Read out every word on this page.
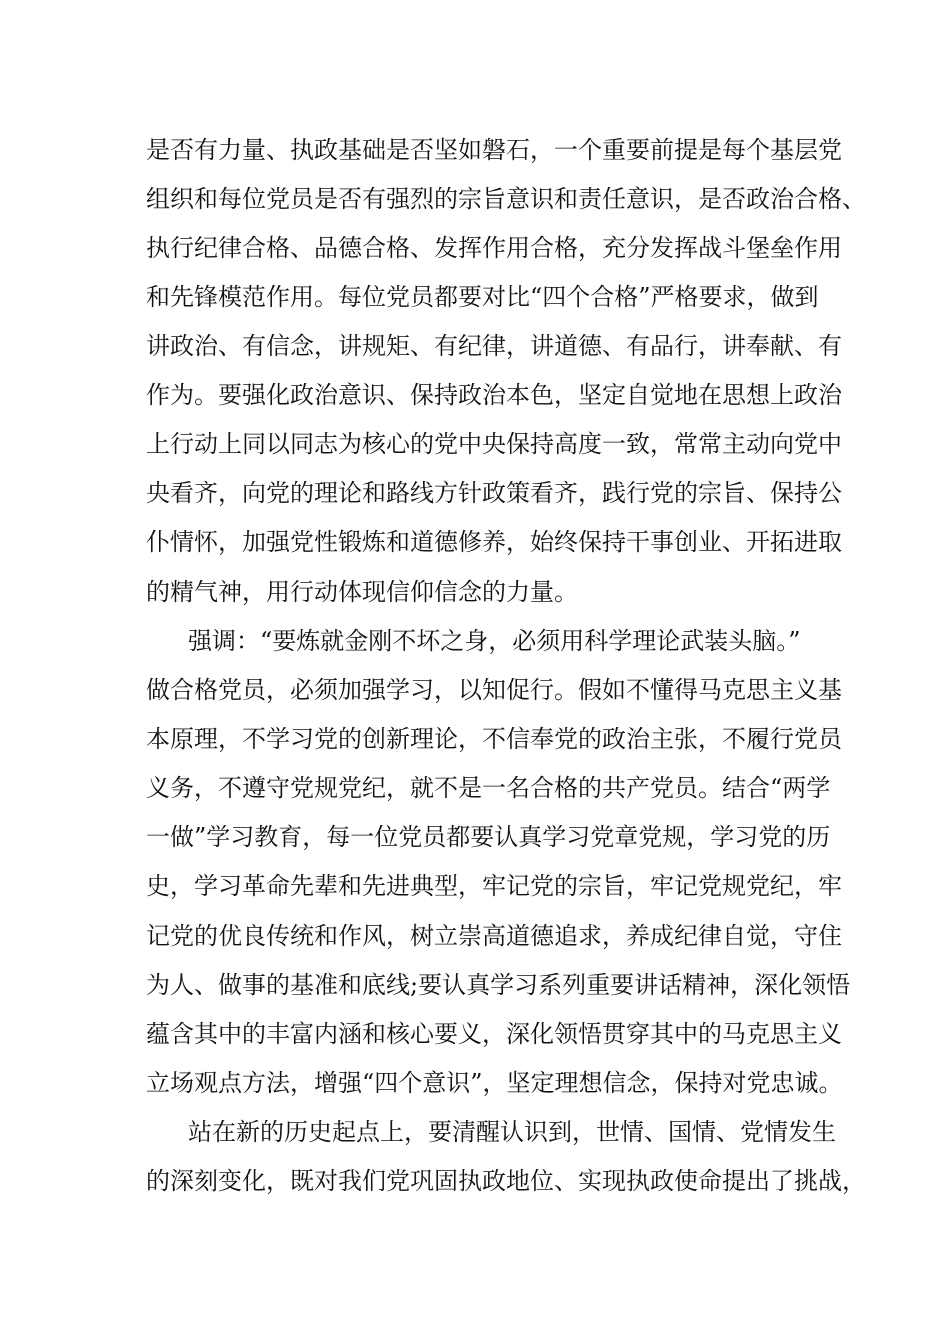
是否有力量、执政基础是否坚如磐石，一个重要前提是每个基层党
组织和每位党员是否有强烈的宗旨意识和责任意识，是否政治合格、
执行纪律合格、品德合格、发挥作用合格，充分发挥战斗堡垒作用
和先锋模范作用。每位党员都要对比“四个合格”严格要求，做到
讲政治、有信念，讲规矩、有纪律，讲道德、有品行，讲奉献、有
作为。要强化政治意识、保持政治本色，坚定自觉地在思想上政治
上行动上同以同志为核心的党中央保持高度一致，常常主动向党中
央看齐，向党的理论和路线方针政策看齐，践行党的宗旨、保持公
仆情怀，加强党性锻炼和道德修养，始终保持干事创业、开拓进取
的精气神，用行动体现信仰信念的力量。
强调：“要炼就金刚不坏之身，必须用科学理论武装头脑。”
做合格党员，必须加强学习，以知促行。假如不懂得马克思主义基
本原理，不学习党的创新理论，不信奉党的政治主张，不履行党员
义务，不遵守党规党纪，就不是一名合格的共产党员。结合“两学
一做”学习教育，每一位党员都要认真学习党章党规，学习党的历
史，学习革命先辈和先进典型，牢记党的宗旨，牢记党规党纪，牢
记党的优良传统和作风，树立崇高道德追求，养成纪律自觉，守住
为人、做事的基准和底线;要认真学习系列重要讲话精神，深化领悟
蕴含其中的丰富内涵和核心要义，深化领悟贯穿其中的马克思主义
立场观点方法，增强“四个意识”，坚定理想信念，保持对党忠诚。
站在新的历史起点上，要清醒认识到，世情、国情、党情发生
的深刻变化，既对我们党巩固执政地位、实现执政使命提出了挑战，
